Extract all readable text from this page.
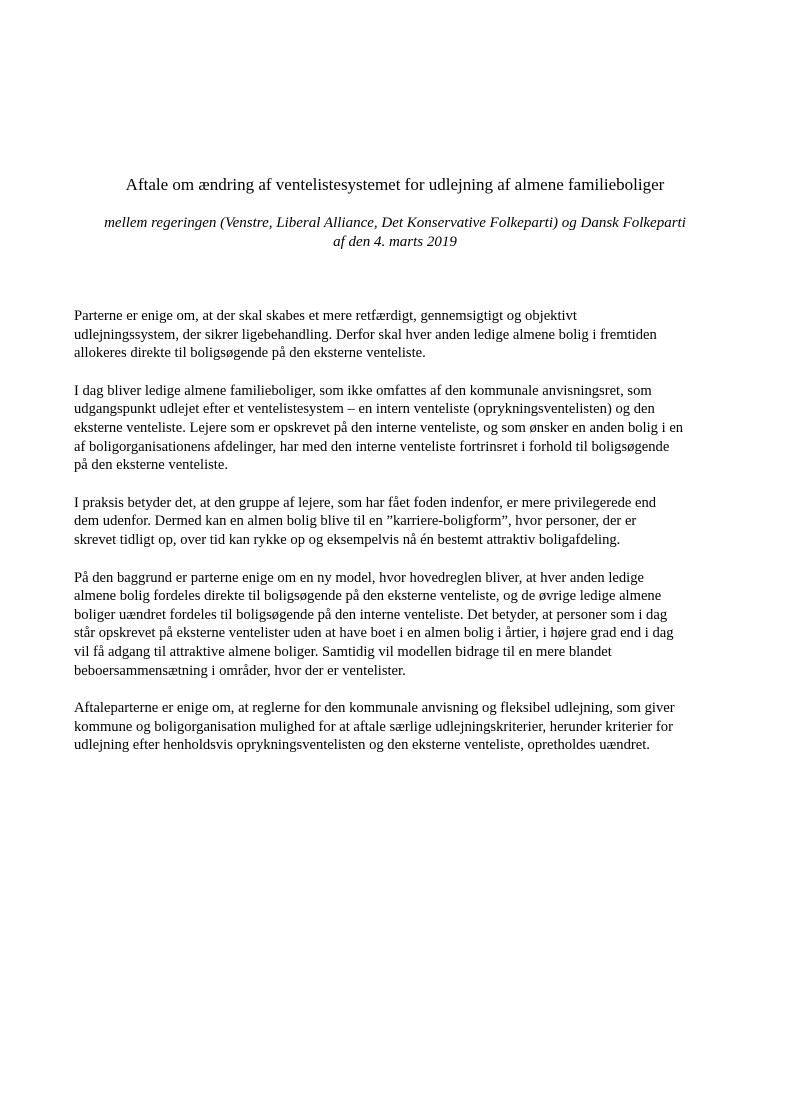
Aftale om ændring af ventelistesystemet for udlejning af almene familieboliger

mellem regeringen (Venstre, Liberal Alliance, Det Konservative Folkeparti) og Dansk Folkeparti
af den 4. marts 2019

Parterne er enige om, at der skal skabes et mere retfærdigt, gennemsigtigt og objektivt
udlejningssystem, der sikrer ligebehandling. Derfor skal hver anden ledige almene bolig i fremtiden
allokeres direkte til boligsøgende på den eksterne venteliste.

I dag bliver ledige almene familieboliger, som ikke omfattes af den kommunale anvisningsret, som
udgangspunkt udlejet efter et ventelistesystem – en intern venteliste (oprykningsventelisten) og den
eksterne venteliste. Lejere som er opskrevet på den interne venteliste, og som ønsker en anden bolig i en
af boligorganisationens afdelinger, har med den interne venteliste fortrinsret i forhold til boligsøgende
på den eksterne venteliste.

I praksis betyder det, at den gruppe af lejere, som har fået foden indenfor, er mere privilegerede end
dem udenfor. Dermed kan en almen bolig blive til en ”karriere-boligform”, hvor personer, der er
skrevet tidligt op, over tid kan rykke op og eksempelvis nå én bestemt attraktiv boligafdeling.

På den baggrund er parterne enige om en ny model, hvor hovedreglen bliver, at hver anden ledige
almene bolig fordeles direkte til boligsøgende på den eksterne venteliste, og de øvrige ledige almene
boliger uændret fordeles til boligsøgende på den interne venteliste. Det betyder, at personer som i dag
står opskrevet på eksterne ventelister uden at have boet i en almen bolig i årtier, i højere grad end i dag
vil få adgang til attraktive almene boliger. Samtidig vil modellen bidrage til en mere blandet
beboersammensætning i områder, hvor der er ventelister.

Aftaleparterne er enige om, at reglerne for den kommunale anvisning og fleksibel udlejning, som giver
kommune og boligorganisation mulighed for at aftale særlige udlejningskriterier, herunder kriterier for
udlejning efter henholdsvis oprykningsventelisten og den eksterne venteliste, opretholdes uændret.
